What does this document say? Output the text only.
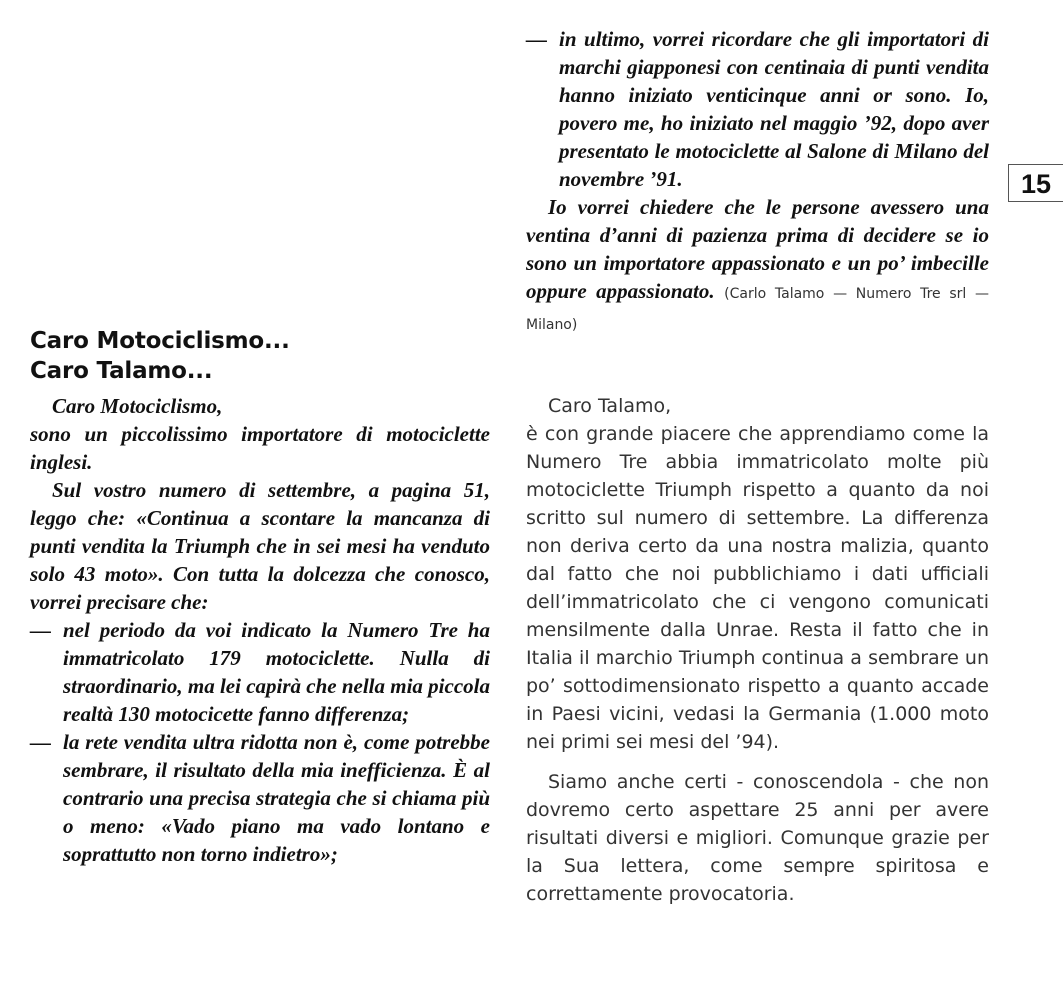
15

— in ultimo, vorrei ricordare che gli importatori di marchi giapponesi con centinaia di punti vendita hanno iniziato venticinque anni or sono. Io, povero me, ho iniziato nel maggio ’92, dopo aver presentato le motociclette al Salone di Milano del novembre ’91.

Io vorrei chiedere che le persone avessero una ventina d’anni di pazienza prima di decidere se io sono un importatore appassionato e un po’ imbecille oppure appassionato. (Carlo Talamo — Numero Tre srl — Milano)

Caro Motociclismo...
Caro Talamo...

Caro Motociclismo,

sono un piccolissimo importatore di motociclette inglesi.

Sul vostro numero di settembre, a pagina 51, leggo che: «Continua a scontare la mancanza di punti vendita la Triumph che in sei mesi ha venduto solo 43 moto». Con tutta la dolcezza che conosco, vorrei precisare che:

— nel periodo da voi indicato la Numero Tre ha immatricolato 179 motociclette. Nulla di straordinario, ma lei capirà che nella mia piccola realtà 130 motocicette fanno differenza;

— la rete vendita ultra ridotta non è, come potrebbe sembrare, il risultato della mia inefficienza. È al contrario una precisa strategia che si chiama più o meno: «Vado piano ma vado lontano e soprattutto non torno indietro»;

Caro Talamo,

è con grande piacere che apprendiamo come la Numero Tre abbia immatricolato molte più motociclette Triumph rispetto a quanto da noi scritto sul numero di settembre. La differenza non deriva certo da una nostra malizia, quanto dal fatto che noi pubblichiamo i dati ufficiali dell’immatricolato che ci vengono comunicati mensilmente dalla Unrae. Resta il fatto che in Italia il marchio Triumph continua a sembrare un po’ sottodimensionato rispetto a quanto accade in Paesi vicini, vedasi la Germania (1.000 moto nei primi sei mesi del ’94).

Siamo anche certi - conoscendola - che non dovremo certo aspettare 25 anni per avere risultati diversi e migliori. Comunque grazie per la Sua lettera, come sempre spiritosa e correttamente provocatoria.
